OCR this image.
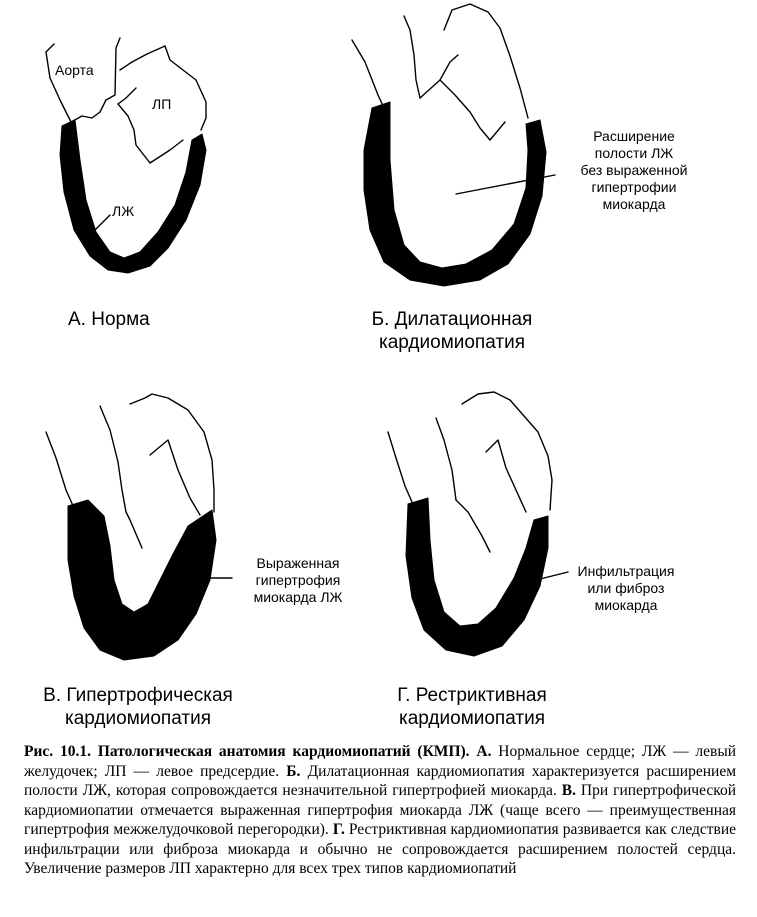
Аорта
ЛП
ЛЖ
А. Норма
Расширение
полости ЛЖ
без выраженной
гипертрофии
миокарда
Б. Дилатационная
кардиомиопатия
Выраженная
гипертрофия
миокарда ЛЖ
В. Гипертрофическая
кардиомиопатия
Инфильтрация
или фиброз
миокарда
Г. Рестриктивная
кардиомиопатия
Рис. 10.1. Патологическая анатомия кардиомиопатий (КМП). А. Нормальное сердце; ЛЖ — левый желудочек; ЛП — левое предсердие. Б. Дилатационная кардиомиопатия характеризуется расширением полости ЛЖ, которая сопровождается незначительной гипертрофией миокарда. В. При гипертрофической кардиомиопатии отмечается выраженная гипертрофия миокарда ЛЖ (чаще всего — преимущественная гипертрофия межжелудочковой перегородки). Г. Рестриктивная кардиомиопатия развивается как следствие инфильтрации или фиброза миокарда и обычно не сопровождается расширением полостей сердца. Увеличение размеров ЛП характерно для всех трех типов кардиомиопатий
